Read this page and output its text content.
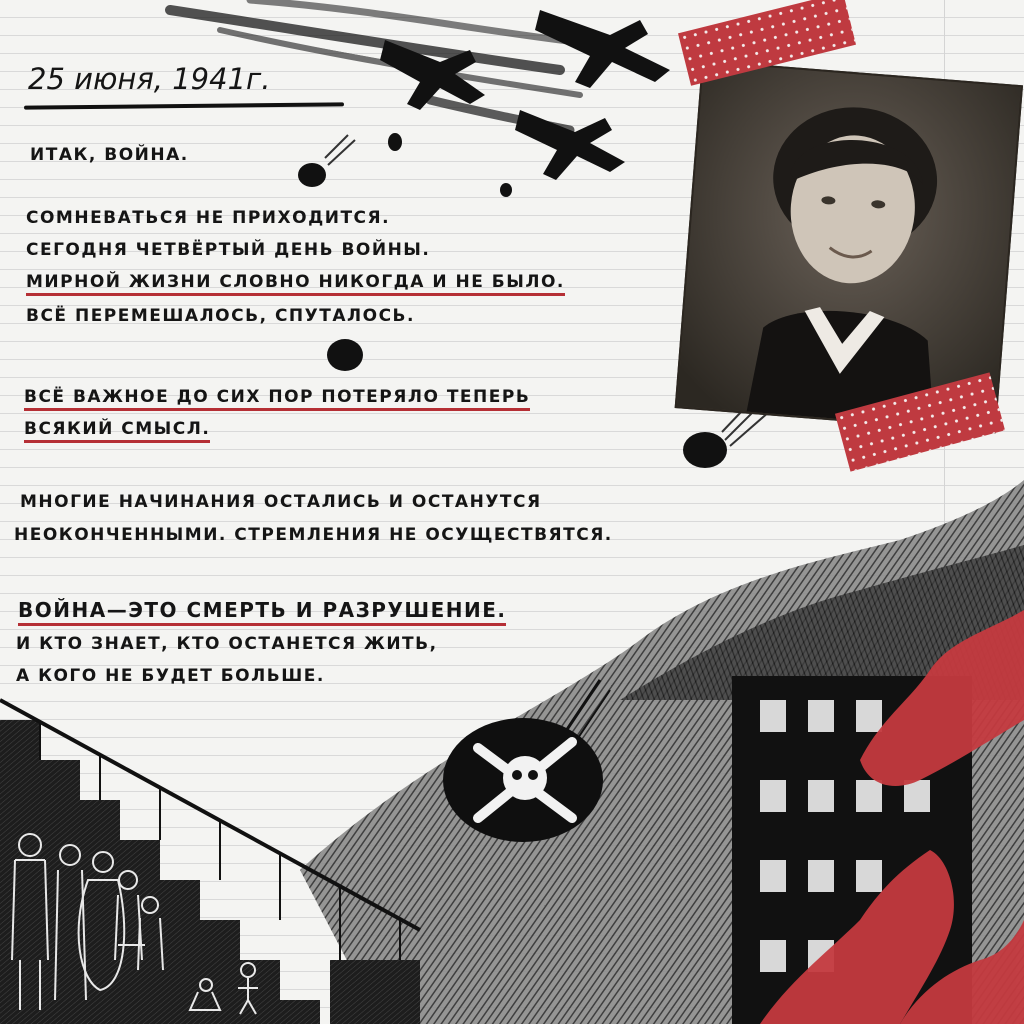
25 июня, 1941г.

ИТАК, ВОЙНА.

СОМНЕВАТЬСЯ НЕ ПРИХОДИТСЯ.

СЕГОДНЯ ЧЕТВЁРТЫЙ ДЕНЬ ВОЙНЫ.

МИРНОЙ ЖИЗНИ СЛОВНО НИКОГДА И НЕ БЫЛО.

ВСЁ ПЕРЕМЕШАЛОСЬ, СПУТАЛОСЬ.

ВСЁ ВАЖНОЕ ДО СИХ ПОР ПОТЕРЯЛО ТЕПЕРЬ

ВСЯКИЙ СМЫСЛ.

МНОГИЕ НАЧИНАНИЯ ОСТАЛИСЬ И ОСТАНУТСЯ

НЕОКОНЧЕННЫМИ. СТРЕМЛЕНИЯ НЕ ОСУЩЕСТВЯТСЯ.

ВОЙНА—ЭТО СМЕРТЬ И РАЗРУШЕНИЕ.

И КТО ЗНАЕТ, КТО ОСТАНЕТСЯ ЖИТЬ,

А КОГО НЕ БУДЕТ БОЛЬШЕ.
